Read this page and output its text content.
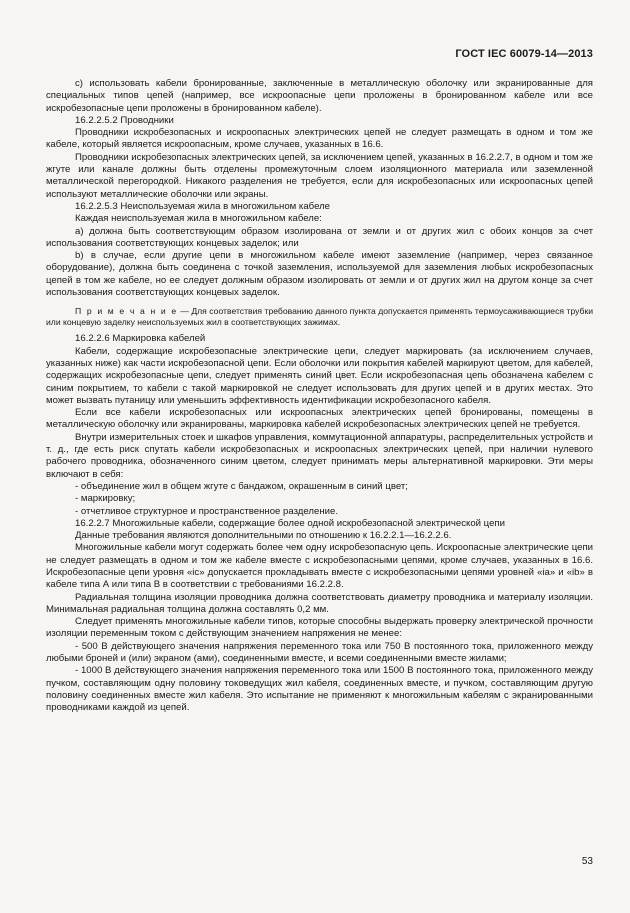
ГОСТ IEC 60079-14—2013

с) использовать кабели бронированные, заключенные в металлическую оболочку или экранированные для специальных типов цепей (например, все искроопасные цепи проложены в бронированном кабеле или все искробезопасные цепи проложены в бронированном кабеле).

16.2.2.5.2 Проводники

Проводники искробезопасных и искроопасных электрических цепей не следует размещать в одном и том же кабеле, который является искроопасным, кроме случаев, указанных в 16.6.

Проводники искробезопасных электрических цепей, за исключением цепей, указанных в 16.2.2.7, в одном и том же жгуте или канале должны быть отделены промежуточным слоем изоляционного материала или заземленной металлической перегородкой. Никакого разделения не требуется, если для искробезопасных или искроопасных цепей используют металлические оболочки или экраны.

16.2.2.5.3 Неиспользуемая жила в многожильном кабеле

Каждая неиспользуемая жила в многожильном кабеле:

a) должна быть соответствующим образом изолирована от земли и от других жил с обоих концов за счет использования соответствующих концевых заделок; или

b) в случае, если другие цепи в многожильном кабеле имеют заземление (например, через связанное оборудование), должна быть соединена с точкой заземления, используемой для заземления любых искробезопасных цепей в том же кабеле, но ее следует должным образом изолировать от земли и от других жил на другом конце за счет использования соответствующих концевых заделок.

П р и м е ч а н и е — Для соответствия требованию данного пункта допускается применять термоусаживающиеся трубки или концевую заделку неиспользуемых жил в соответствующих зажимах.

16.2.2.6 Маркировка кабелей

Кабели, содержащие искробезопасные электрические цепи, следует маркировать (за исключением случаев, указанных ниже) как части искробезопасной цепи. Если оболочки или покрытия кабелей маркируют цветом, для кабелей, содержащих искробезопасные цепи, следует применять синий цвет. Если искробезопасная цепь обозначена кабелем с синим покрытием, то кабели с такой маркировкой не следует использовать для других цепей и в других местах. Это может вызвать путаницу или уменьшить эффективность идентификации искробезопасного кабеля.

Если все кабели искробезопасных или искроопасных электрических цепей бронированы, помещены в металлическую оболочку или экранированы, маркировка кабелей искробезопасных электрических цепей не требуется.

Внутри измерительных стоек и шкафов управления, коммутационной аппаратуры, распределительных устройств и т. д., где есть риск спутать кабели искробезопасных и искроопасных электрических цепей, при наличии нулевого рабочего проводника, обозначенного синим цветом, следует принимать меры альтернативной маркировки. Эти меры включают в себя:

- объединение жил в общем жгуте с бандажом, окрашенным в синий цвет;

- маркировку;

- отчетливое структурное и пространственное разделение.

16.2.2.7 Многожильные кабели, содержащие более одной искробезопасной электрической цепи

Данные требования являются дополнительными по отношению к 16.2.2.1—16.2.2.6.

Многожильные кабели могут содержать более чем одну искробезопасную цепь. Искроопасные электрические цепи не следует размещать в одном и том же кабеле вместе с искробезопасными цепями, кроме случаев, указанных в 16.6. Искробезопасные цепи уровня «ic» допускается прокладывать вместе с искробезопасными цепями уровней «ia» и «ib» в кабеле типа А или типа В в соответствии с требованиями 16.2.2.8.

Радиальная толщина изоляции проводника должна соответствовать диаметру проводника и материалу изоляции. Минимальная радиальная толщина должна составлять 0,2 мм.

Следует применять многожильные кабели типов, которые способны выдержать проверку электрической прочности изоляции переменным током с действующим значением напряжения не менее:

- 500 В действующего значения напряжения переменного тока или 750 В постоянного тока, приложенного между любыми броней и (или) экраном (ами), соединенными вместе, и всеми соединенными вместе жилами;

- 1000 В действующего значения напряжения переменного тока или 1500 В постоянного тока, приложенного между пучком, составляющим одну половину токоведущих жил кабеля, соединенных вместе, и пучком, составляющим другую половину соединенных вместе жил кабеля. Это испытание не применяют к многожильным кабелям с экранированными проводниками каждой из цепей.

53
